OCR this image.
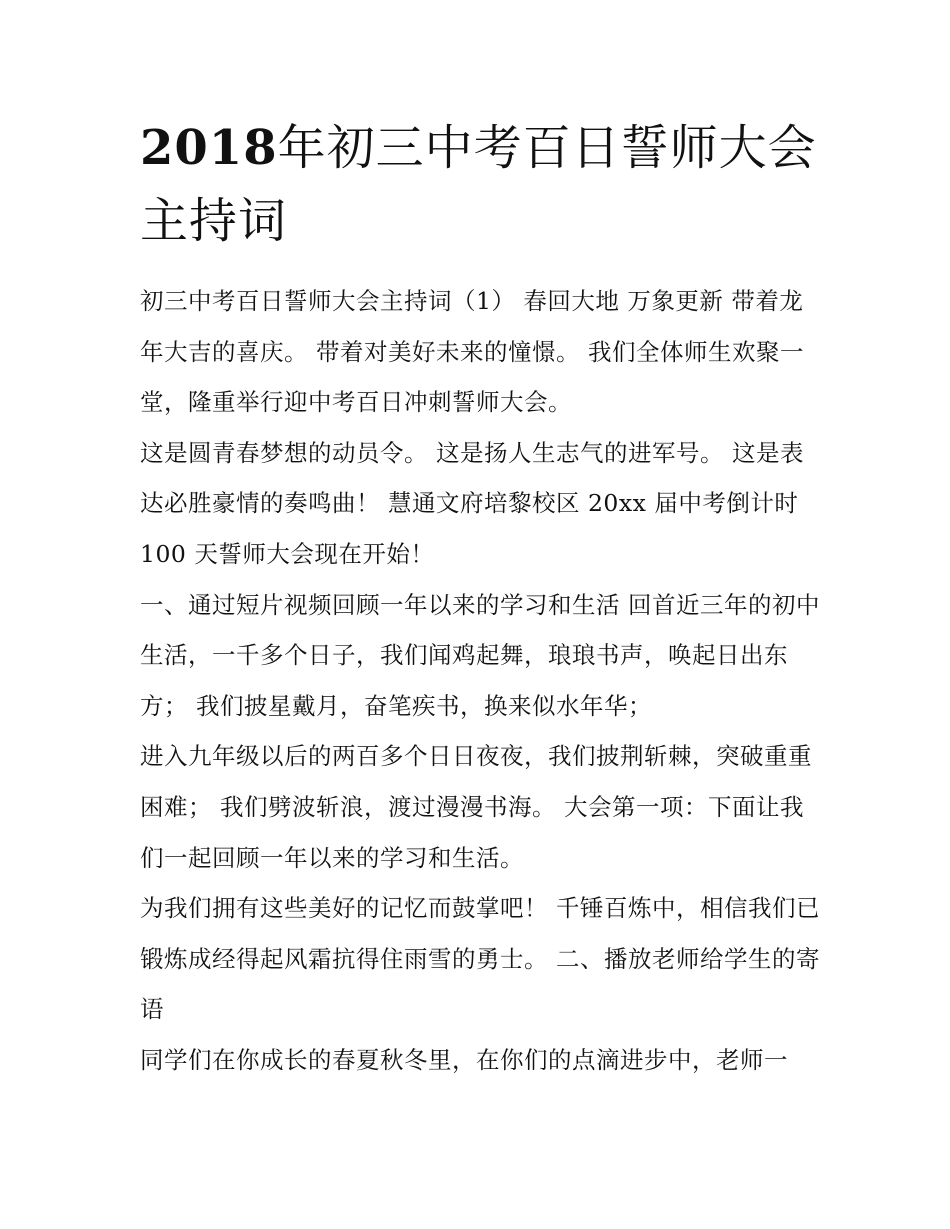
2018年初三中考百日誓师大会主持词

初三中考百日誓师大会主持词（1） 春回大地 万象更新 带着龙年大吉的喜庆。 带着对美好未来的憧憬。 我们全体师生欢聚一堂，隆重举行迎中考百日冲刺誓师大会。

这是圆青春梦想的动员令。 这是扬人生志气的进军号。 这是表达必胜豪情的奏鸣曲！ 慧通文府培黎校区 20xx 届中考倒计时 100 天誓师大会现在开始！

一、通过短片视频回顾一年以来的学习和生活 回首近三年的初中生活，一千多个日子，我们闻鸡起舞，琅琅书声，唤起日出东方； 我们披星戴月，奋笔疾书，换来似水年华；

进入九年级以后的两百多个日日夜夜，我们披荆斩棘，突破重重困难； 我们劈波斩浪，渡过漫漫书海。 大会第一项：下面让我们一起回顾一年以来的学习和生活。

为我们拥有这些美好的记忆而鼓掌吧！ 千锤百炼中，相信我们已锻炼成经得起风霜抗得住雨雪的勇士。 二、播放老师给学生的寄语

同学们在你成长的春夏秋冬里，在你们的点滴进步中，老师一
